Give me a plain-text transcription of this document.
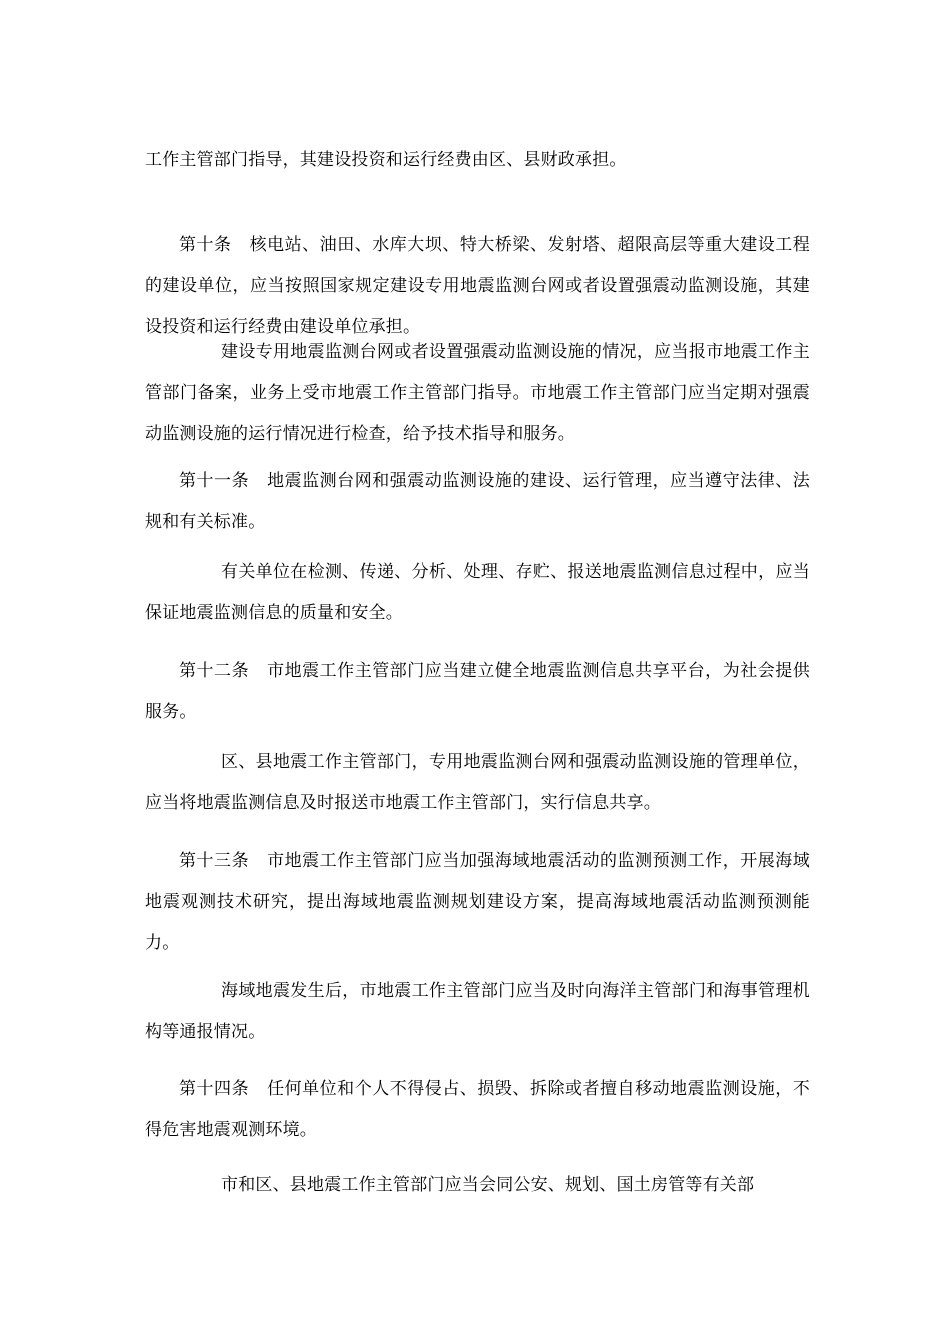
工作主管部门指导，其建设投资和运行经费由区、县财政承担。

第十条 核电站、油田、水库大坝、特大桥梁、发射塔、超限高层等重大建设工程的建设单位，应当按照国家规定建设专用地震监测台网或者设置强震动监测设施，其建设投资和运行经费由建设单位承担。

建设专用地震监测台网或者设置强震动监测设施的情况，应当报市地震工作主管部门备案，业务上受市地震工作主管部门指导。市地震工作主管部门应当定期对强震动监测设施的运行情况进行检查，给予技术指导和服务。

第十一条 地震监测台网和强震动监测设施的建设、运行管理，应当遵守法律、法规和有关标准。

有关单位在检测、传递、分析、处理、存贮、报送地震监测信息过程中，应当保证地震监测信息的质量和安全。

第十二条 市地震工作主管部门应当建立健全地震监测信息共享平台，为社会提供服务。

区、县地震工作主管部门，专用地震监测台网和强震动监测设施的管理单位，应当将地震监测信息及时报送市地震工作主管部门，实行信息共享。

第十三条 市地震工作主管部门应当加强海域地震活动的监测预测工作，开展海域地震观测技术研究，提出海域地震监测规划建设方案，提高海域地震活动监测预测能力。

海域地震发生后，市地震工作主管部门应当及时向海洋主管部门和海事管理机构等通报情况。

第十四条 任何单位和个人不得侵占、损毁、拆除或者擅自移动地震监测设施，不得危害地震观测环境。

市和区、县地震工作主管部门应当会同公安、规划、国土房管等有关部
